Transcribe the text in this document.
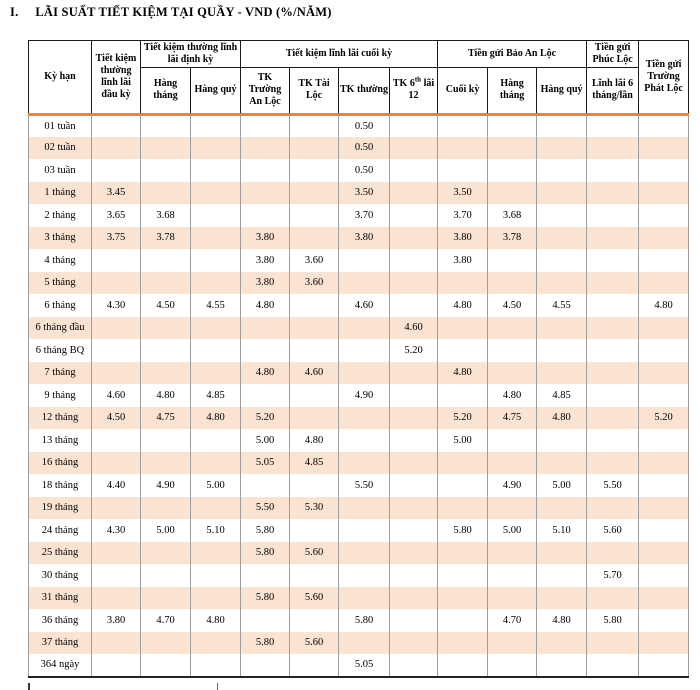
I. LÃI SUẤT TIẾT KIỆM TẠI QUẦY - VND (%/NĂM)
Kỳ hạn	Tiết kiệm thường lĩnh lãi đầu kỳ	Tiết kiệm thường lĩnh lãi định kỳ		Tiết kiệm lĩnh lãi cuối kỳ				Tiền gửi Bảo An Lộc			Tiền gửi Phúc Lộc	Tiền gửi Trường Phát Lộc
		Hàng tháng	Hàng quý	TK Trường An Lộc	TK Tài Lộc	TK thường	TK 6th lãi 12	Cuối kỳ	Hàng tháng	Hàng quý	Lĩnh lãi 6 tháng/lần	
01 tuần						0.50						
02 tuần						0.50						
03 tuần						0.50						
1 tháng	3.45					3.50		3.50				
2 tháng	3.65	3.68				3.70		3.70	3.68			
3 tháng	3.75	3.78		3.80		3.80		3.80	3.78			
4 tháng				3.80	3.60			3.80				
5 tháng				3.80	3.60							
6 tháng	4.30	4.50	4.55	4.80		4.60		4.80	4.50	4.55		4.80
6 tháng đầu							4.60					
6 tháng BQ							5.20					
7 tháng				4.80	4.60			4.80				
9 tháng	4.60	4.80	4.85			4.90			4.80	4.85		
12 tháng	4.50	4.75	4.80	5.20				5.20	4.75	4.80		5.20
13 tháng				5.00	4.80			5.00				
16 tháng				5.05	4.85							
18 tháng	4.40	4.90	5.00			5.50			4.90	5.00	5.50	
19 tháng				5.50	5.30							
24 tháng	4.30	5.00	5.10	5.80				5.80	5.00	5.10	5.60	
25 tháng				5.80	5.60							
30 tháng											5.70	
31 tháng				5.80	5.60							
36 tháng	3.80	4.70	4.80			5.80			4.70	4.80	5.80	
37 tháng				5.80	5.60							
364 ngày						5.05						
